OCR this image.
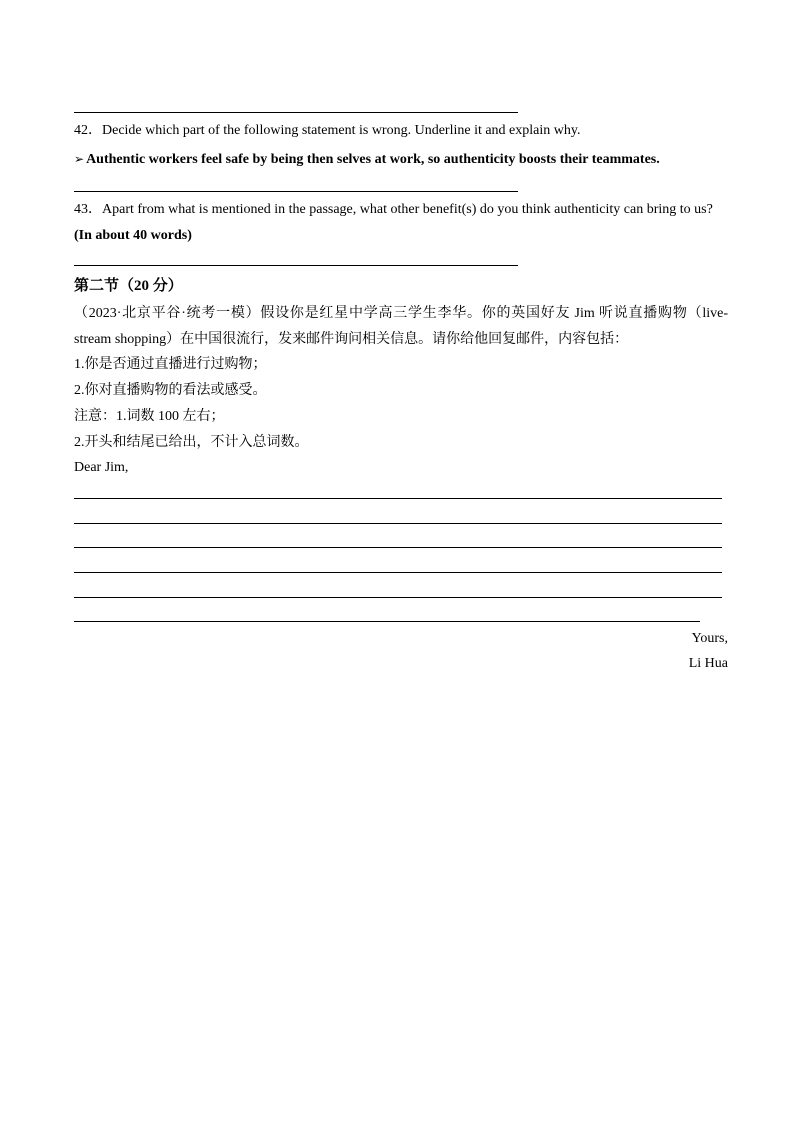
42．Decide which part of the following statement is wrong. Underline it and explain why.
➢ Authentic workers feel safe by being then selves at work, so authenticity boosts their teammates.
43．Apart from what is mentioned in the passage, what other benefit(s) do you think authenticity can bring to us?
(In about 40 words)
第二节（20 分）
（2023·北京平谷·统考一模）假设你是红星中学高三学生李华。你的英国好友 Jim 听说直播购物（live-
stream shopping）在中国很流行，发来邮件询问相关信息。请你给他回复邮件，内容包括：
1.你是否通过直播进行过购物；
2.你对直播购物的看法或感受。
注意：1.词数 100 左右；
2.开头和结尾已给出，不计入总词数。
Dear Jim,
Yours,
Li Hua
